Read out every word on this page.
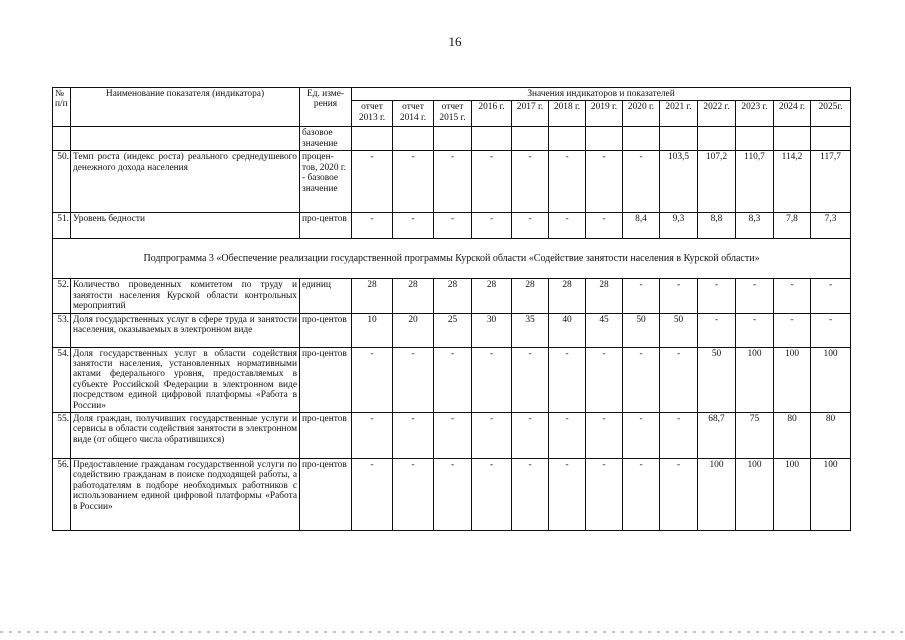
16
№ п/п	Наименование показателя (индикатора)	Ед. изме-рения	Значения индикаторов и показателей												
			отчет 2013 г.	отчет 2014 г.	отчет 2015 г.	2016 г.	2017 г.	2018 г.	2019 г.	2020 г.	2021 г.	2022 г.	2023 г.	2024 г.	2025г.
		базовое значение													
50.	Темп роста (индекс роста) реального среднедушевого денежного дохода населения	процен-тов, 2020 г. - базовое значение	-	-	-	-	-	-	-	-	103,5	107,2	110,7	114,2	117,7
51.	Уровень бедности	про-центов	-	-	-	-	-	-	-	8,4	9,3	8,8	8,3	7,8	7,3
Подпрограмма 3 «Обеспечение реализации государственной программы Курской области «Содействие занятости населения в Курской области»															
52.	Количество проведенных комитетом по труду и занятости населения Курской области контрольных мероприятий	единиц	28	28	28	28	28	28	28	-	-	-	-	-	-
53.	Доля государственных услуг в сфере труда и занятости населения, оказываемых в электронном виде	про-центов	10	20	25	30	35	40	45	50	50	-	-	-	-
54.	Доля государственных услуг в области содействия занятости населения, установленных нормативными актами федерального уровня, предоставляемых в субъекте Российской Федерации в электронном виде посредством единой цифровой платформы «Работа в России»	про-центов	-	-	-	-	-	-	-	-	-	50	100	100	100
55.	Доля граждан, получивших государственные услуги и сервисы в области содействия занятости в электронном виде (от общего числа обратившихся)	про-центов	-	-	-	-	-	-	-	-	-	68,7	75	80	80
56.	Предоставление гражданам государственной услуги по содействию гражданам в поиске подходящей работы, а работодателям в подборе необходимых работников с использованием единой цифровой платформы «Работа в России»	про-центов	-	-	-	-	-	-	-	-	-	100	100	100	100
